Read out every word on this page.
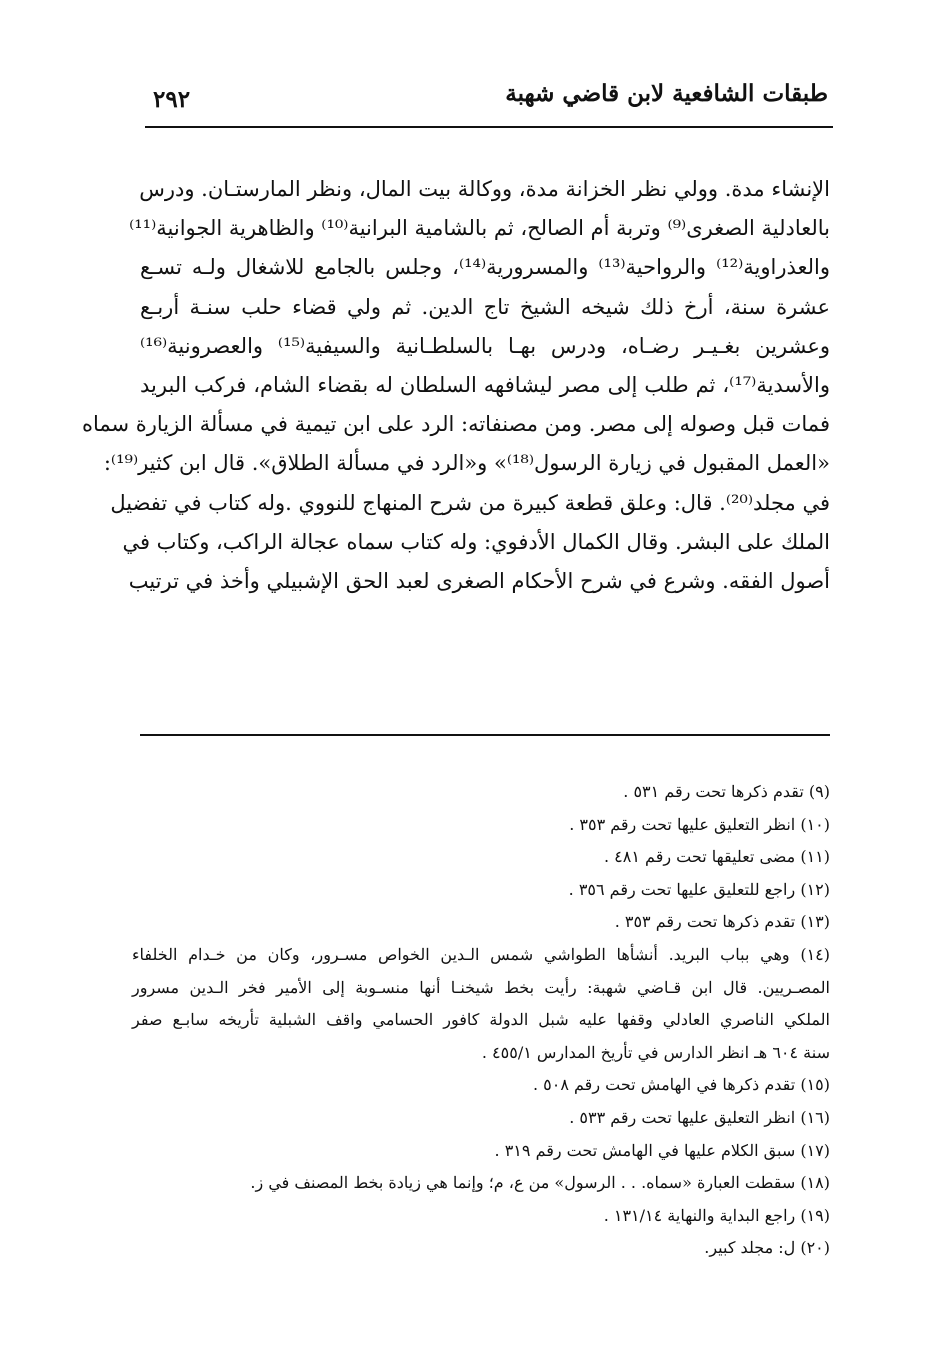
طبقات الشافعية لابن قاضي شهبة
٢٩٢
الإنشاء مدة. وولي نظر الخزانة مدة، ووكالة بيت المال، ونظر المارستـان. ودرس
بالعادلية الصغرى⁽⁹⁾ وتربة أم الصالح، ثم بالشامية البرانية⁽¹⁰⁾ والظاهرية الجوانية⁽¹¹⁾
والعذراوية⁽¹²⁾ والرواحية⁽¹³⁾ والمسرورية⁽¹⁴⁾، وجلس بالجامع للاشغال ولـه تسـع
عشرة سنة، أرخ ذلك شيخه الشيخ تاج الدين. ثم ولي قضاء حلب سنـة أربـع
وعشرين بغـيـر رضـاه، ودرس بهـا بالسلطـانية والسيفية⁽¹⁵⁾ والعصرونية⁽¹⁶⁾
والأسدية⁽¹⁷⁾، ثم طلب إلى مصر ليشافهه السلطان له بقضاء الشام، فركب البريد
فمات قبل وصوله إلى مصر. ومن مصنفاته: الرد على ابن تيمية في مسألة الزيارة سماه
«العمل المقبول في زيارة الرسول⁽¹⁸⁾» و«الرد في مسألة الطلاق». قال ابن كثير⁽¹⁹⁾:
في مجلد⁽²⁰⁾. قال: وعلق قطعة كبيرة من شرح المنهاج للنووي .وله كتاب في تفضيل
الملك على البشر. وقال الكمال الأدفوي: وله كتاب سماه عجالة الراكب، وكتاب في
أصول الفقه. وشرع في شرح الأحكام الصغرى لعبد الحق الإشبيلي وأخذ في ترتيب
(٩) تقدم ذكرها تحت رقم ٥٣١ .
(١٠) انظر التعليق عليها تحت رقم ٣٥٣ .
(١١) مضى تعليقها تحت رقم ٤٨١ .
(١٢) راجع للتعليق عليها تحت رقم ٣٥٦ .
(١٣) تقدم ذكرها تحت رقم ٣٥٣ .
(١٤) وهي بباب البريد. أنشأها الطواشي شمس الـدين الخواص مسـرور، وكان من خـدام الخلفاء
المصـريين. قال ابن قـاضي شهبة: رأيت بخط شيخنـا أنها منسـوبة إلى الأمير فخر الـدين مسرور
الملكي الناصري العادلي وقفها عليه شبل الدولة كافور الحسامي واقف الشبلية تأريخه سابـع صفر
سنة ٦٠٤ هـ انظر الدارس في تأريخ المدارس ٤٥٥/١ .
(١٥) تقدم ذكرها في الهامش تحت رقم ٥٠٨ .
(١٦) انظر التعليق عليها تحت رقم ٥٣٣ .
(١٧) سبق الكلام عليها في الهامش تحت رقم ٣١٩ .
(١٨) سقطت العبارة «سماه. . . الرسول» من ع، م؛ وإنما هي زيادة بخط المصنف في ز.
(١٩) راجع البداية والنهاية ١٣١/١٤ .
(٢٠) ل: مجلد كبير.
